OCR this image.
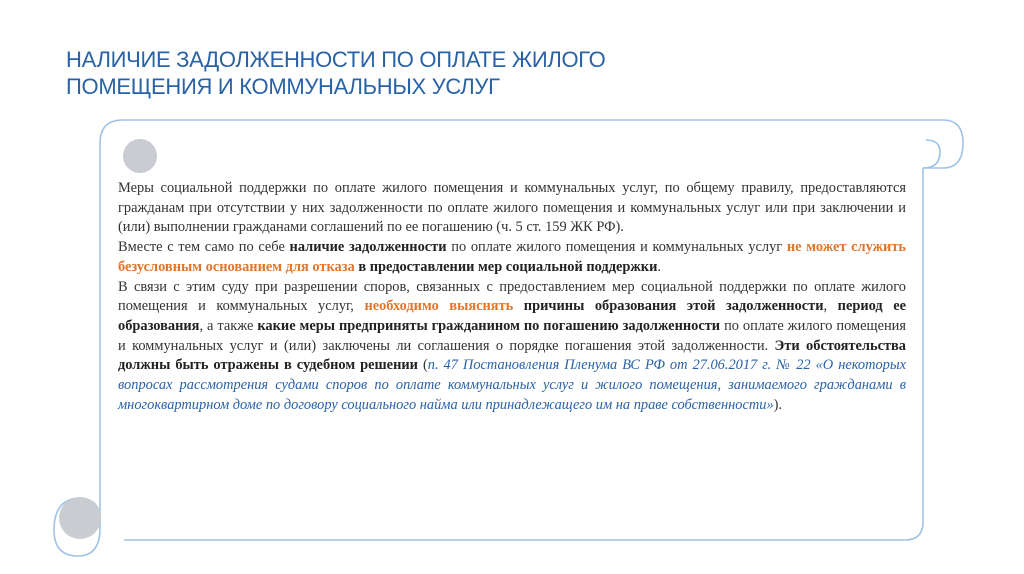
НАЛИЧИЕ ЗАДОЛЖЕННОСТИ ПО ОПЛАТЕ ЖИЛОГО
ПОМЕЩЕНИЯ И КОММУНАЛЬНЫХ УСЛУГ

Меры социальной поддержки по оплате жилого помещения и коммунальных услуг, по общему правилу, предоставляются гражданам при отсутствии у них задолженности по оплате жилого помещения и коммунальных услуг или при заключении и (или) выполнении гражданами соглашений по ее погашению (ч. 5 ст. 159 ЖК РФ).

Вместе с тем само по себе наличие задолженности по оплате жилого помещения и коммунальных услуг не может служить безусловным основанием для отказа в предоставлении мер социальной поддержки.

В связи с этим суду при разрешении споров, связанных с предоставлением мер социальной поддержки по оплате жилого помещения и коммунальных услуг, необходимо выяснять причины образования этой задолженности, период ее образования, а также какие меры предприняты гражданином по погашению задолженности по оплате жилого помещения и коммунальных услуг и (или) заключены ли соглашения о порядке погашения этой задолженности. Эти обстоятельства должны быть отражены в судебном решении (п. 47 Постановления Пленума ВС РФ от 27.06.2017 г. № 22 «О некоторых вопросах рассмотрения судами споров по оплате коммунальных услуг и жилого помещения, занимаемого гражданами в многоквартирном доме по договору социального найма или принадлежащего им на праве собственности»).
